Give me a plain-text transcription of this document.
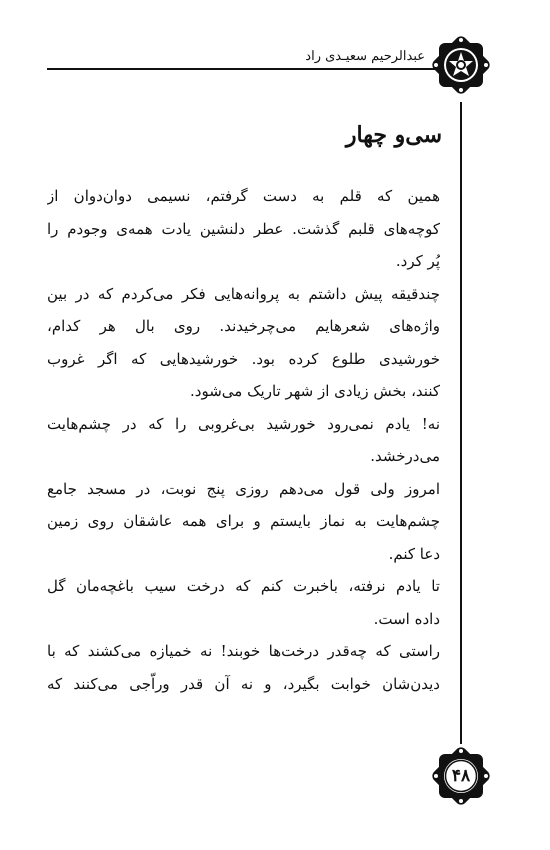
عبدالرحیم سعیـدی راد
سی‌و چهار
همین که قلم به دست گرفتم، نسیمی دوان‌دوان از
کوچه‌های قلبم گذشت. عطر دلنشین یادت همه‌ی وجودم را
پُر کرد.
چندقیقه پیش داشتم به پروانه‌هایی فکر می‌کردم که در بین
واژه‌های شعرهایم می‌چرخیدند. روی بال هر کدام،
خورشیدی طلوع کرده بود. خورشیدهایی که اگر غروب
کنند، بخش زیادی از شهر تاریک می‌شود.
نه! یادم نمی‌رود خورشید بی‌غروبی را که در چشم‌هایت
می‌درخشد.
امروز ولی قول می‌دهم روزی پنج نوبت، در مسجد جامع
چشم‌هایت به نماز بایستم و برای همه عاشقان روی زمین
دعا کنم.
تا یادم نرفته، باخبرت کنم که درخت سیب باغچه‌مان گل
داده است.
راستی که چه‌قدر درخت‌ها خوبند! نه خمیازه می‌کشند که با
دیدن‌شان خوابت بگیرد، و نه آن قدر وراّجی می‌کنند که
۴۸
